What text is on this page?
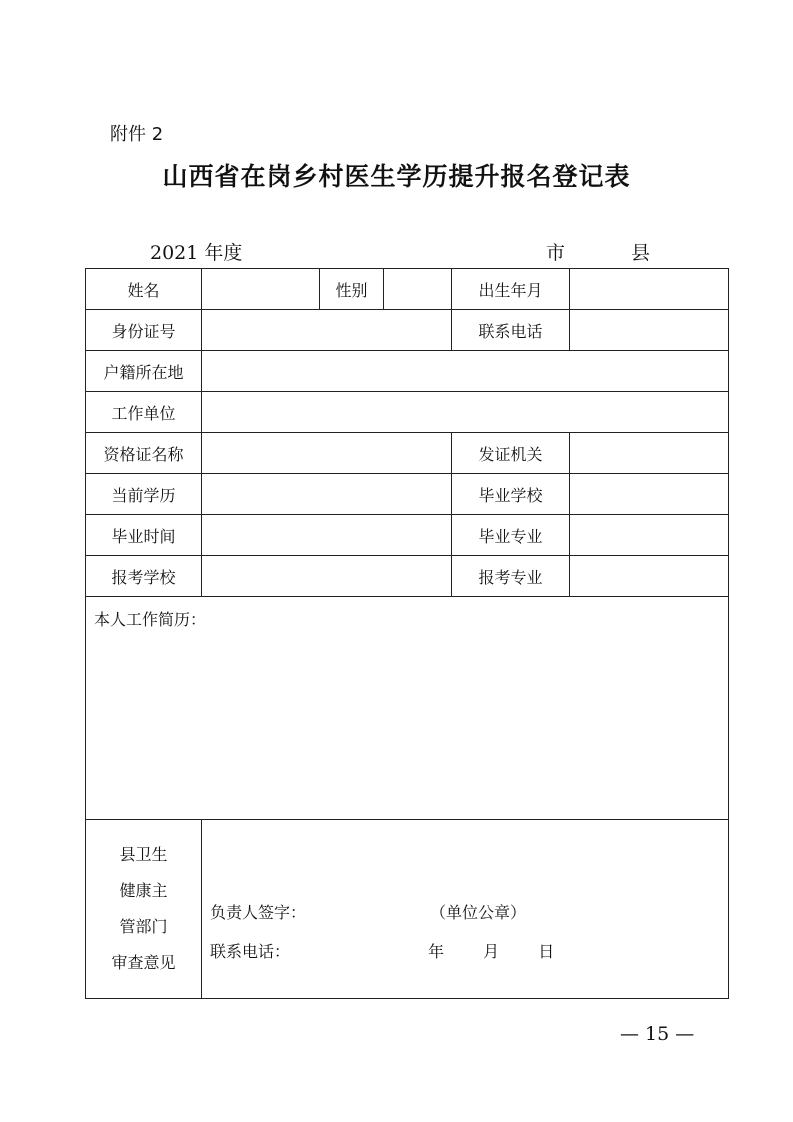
附件 2
山西省在岗乡村医生学历提升报名登记表
2021 年度	市	县
姓名		性别		出生年月	
身份证号				联系电话	
户籍所在地					
工作单位					
资格证名称				发证机关	
当前学历				毕业学校	
毕业时间				毕业专业	
报考学校				报考专业	

本人工作简历：					

县卫生
健康主
管部门
审查意见	负责人签字： （单位公章）
联系电话： 年 月 日				
— 15 —
